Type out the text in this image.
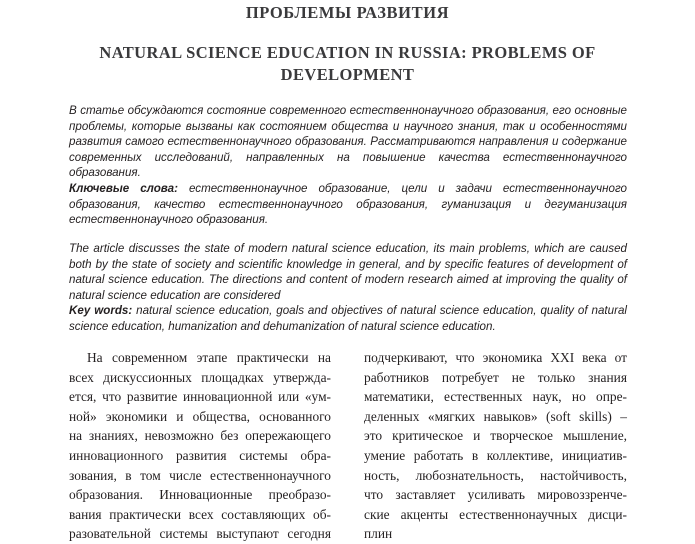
ПРОБЛЕМЫ РАЗВИТИЯ
NATURAL SCIENCE EDUCATION IN RUSSIA: PROBLEMS OF
DEVELOPMENT

В статье обсуждаются состояние современного естественнонаучного образования, его основные проблемы, которые вызваны как состоянием общества и научного знания, так и особенностями развития самого естественнонаучного образования. Рассматриваются направления и содержание современных исследований, направленных на повышение качества естественнонаучного образования.

Ключевые слова: естественнонаучное образование, цели и задачи естественнонаучного образования, качество естественнонаучного образования, гуманизация и дегуманизация естественнонаучного образования.

The article discusses the state of modern natural science education, its main problems, which are caused both by the state of society and scientific knowledge in general, and by specific features of development of natural science education. The directions and content of modern research aimed at improving the quality of natural science education are considered

Key words: natural science education, goals and objectives of natural science education, quality of natural science education, humanization and dehumanization of natural science education.

На современном этапе практически на
всех дискуссионных площадках утвержда-
ется, что развитие инновационной или «ум-
ной» экономики и общества, основанного
на знаниях, невозможно без опережающего
инновационного развития системы обра-
зования, в том числе естественнонаучного
образования. Инновационные преобразо-
вания практически всех составляющих об-
разовательной системы выступают сегодня
подчеркивают, что экономика XXI века от
работников потребует не только знания
математики, естественных наук, но опре-
деленных «мягких навыков» (soft skills) –
это критическое и творческое мышление,
умение работать в коллективе, инициатив-
ность, любознательность, настойчивость,
что заставляет усиливать мировоззренче-
ские акценты естественнонаучных дисци-
плин
